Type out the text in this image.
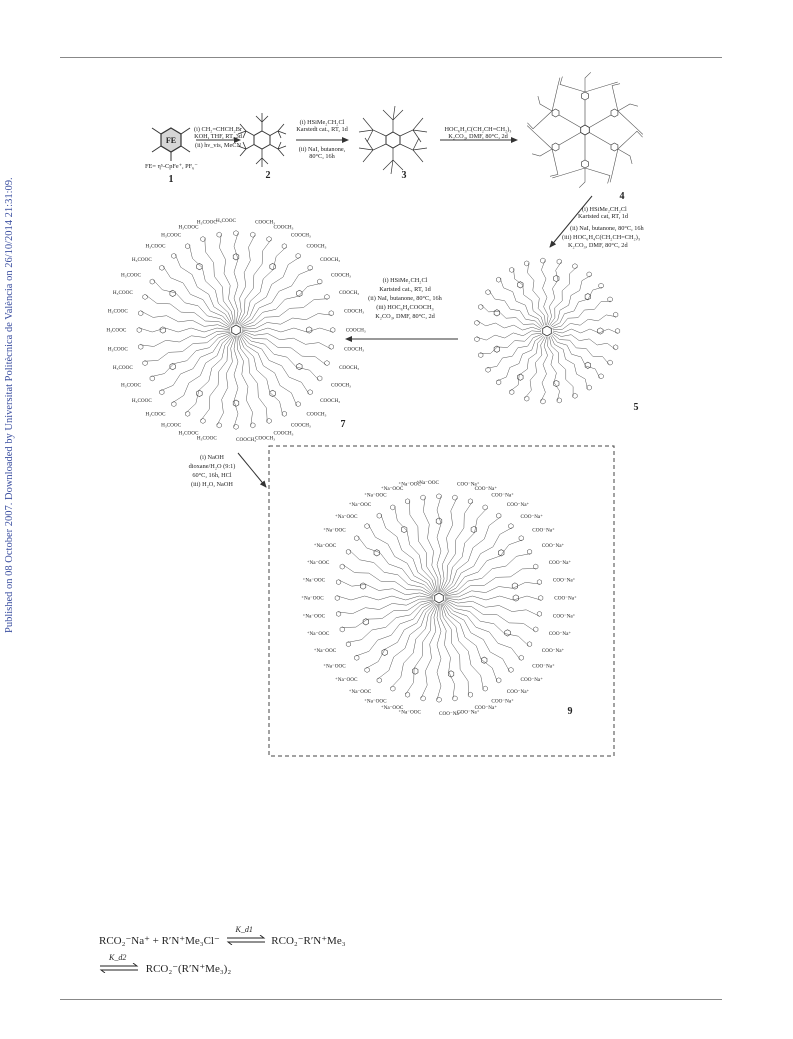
Published on 08 October 2007. Downloaded by Universitat Politècnica de València on 26/10/2014 21:31:09.
FE
FE= η⁵-CpFe⁺, PF₆⁻
1
(i) CH₂=CHCH₂Br
KOH, THF, RT, 3d
(ii) hν_vis, MeCN
2
(i) HSiMe₂CH₂Cl
Karstedt cat., RT, 1d
(ii) NaI, butanone,
80°C, 16h
3
HOC₆H₃C(CH₂CH=CH₂)₃
K₂CO₃, DMF, 80°C, 2d
4
(i) HSiMe₂CH₂Cl
Kartsted cat, RT, 1d
(ii) NaI, butanone, 80°C, 16h
(iii) HOC₆H₄C(CH₂CH=CH₂)₃
K₂CO₃, DMF, 80°C, 2d
5
(i) HSiMe₂CH₂Cl
Kartsted cat., RT, 1d
(ii) NaI, butanone, 80°C, 16h
(iii) HOC₆H₄COOCH₃
K₂CO₃, DMF, 80°C, 2d
COOCH₃
COOCH₃
COOCH₃
COOCH₃
COOCH₃
COOCH₃
COOCH₃
COOCH₃
COOCH₃
COOCH₃
H₃COOC
H₃COOC
H₃COOC
H₃COOC
H₃COOC
H₃COOC
H₃COOC
H₃COOC
H₃COOC
H₃COOC
H₃COOC
H₃COOC
H₃COOC
H₃COOC
H₃COOC
H₃COOC
H₃COOC H₃COOC	COOCH₃
COOCH₃
COOCH₃
COOCH₃
COOCH₃
COOCH₃
COOCH₃
COOCH₃
7
(i) NaOH
dioxane/H₂O (9:1)
60°C, 16h, HCl
(iii) H₂O, NaOH
COO⁻Na⁺
COO⁻Na⁺
COO⁻Na⁺
COO⁻Na⁺
COO⁻Na⁺
COO⁻Na⁺
COO⁻Na⁺
COO⁻Na⁺
COO⁻Na⁺
COO⁻Na⁺
COO⁻Na⁺
⁺Na⁻OOC
⁺Na⁻OOC
⁺Na⁻OOC
⁺Na⁻OOC
⁺Na⁻OOC
⁺Na⁻OOC
⁺Na⁻OOC
⁺Na⁻OOC
⁺Na⁻OOC
⁺Na⁻OOC
⁺Na⁻OOC
⁺Na⁻OOC
⁺Na⁻OOC
⁺Na⁻OOC
⁺Na⁻OOC
⁺Na⁻OOC
⁺Na⁻OOC
⁺Na⁻OOC
⁺Na⁻OOC
⁺Na⁻OOC	COO⁻Na⁺
COO⁻Na⁺
COO⁻Na⁺
COO⁻Na⁺
COO⁻Na⁺
COO⁻Na⁺
COO⁻Na⁺
COO⁻Na⁺
COO⁻Na⁺
9
RCO₂⁻Na⁺ + R′N⁺Me₃Cl⁻
K_d1
RCO₂⁻R′N⁺Me₃
K_d2
RCO₂⁻(R′N⁺Me₃)₂
